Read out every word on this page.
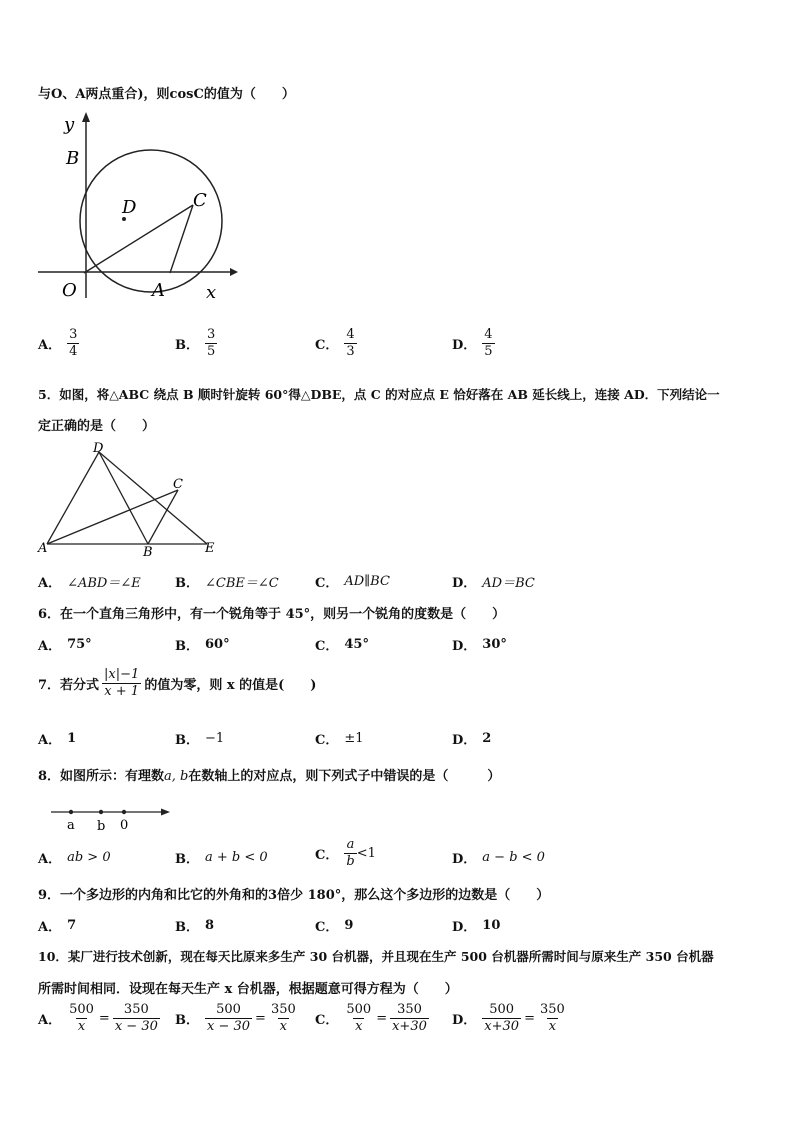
与O、A两点重合)，则cosC的值为（　　）
y
B
D	C
O	A x
A． $\frac{3}{4}$	B． $\frac{3}{5}$	C． $\frac{4}{3}$	D． $\frac{4}{5}$
5．如图，将△ABC 绕点 B 顺时针旋转 60°得△DBE，点 C 的对应点 E 恰好落在 AB 延长线上，连接 AD．下列结论一
定正确的是（　　）
D
C
A	B	E
A． ∠ABD＝∠E	B． ∠CBE＝∠C	C． AD∥BC	D． AD＝BC
6．在一个直角三角形中，有一个锐角等于 45°，则另一个锐角的度数是（　　）
A． 75°	B． 60°	C． 45°	D． 30°
7．若分式 $\frac{|x|-1}{x + 1}$ 的值为零，则 x 的值是(　　)
A． 1	B． −1	C． ±1	D． 2
8．如图所示：有理数a, b在数轴上的对应点，则下列式子中错误的是（　　　）
a b 0
A． ab > 0	B． a + b < 0	C． $\frac{a}{b} <1$	D． a − b < 0
9．一个多边形的内角和比它的外角和的3倍少 180°，那么这个多边形的边数是（　　）
A． 7	B． 8	C． 9	D． 10
10．某厂进行技术创新，现在每天比原来多生产 30 台机器，并且现在生产 500 台机器所需时间与原来生产 350 台机器
所需时间相同．设现在每天生产 x 台机器，根据题意可得方程为（　　）
A． $\frac{500}{x} = \frac{350}{x - 30}$ B． $\frac{500}{x - 30} = \frac{350}{x}$ C． $\frac{500}{x} = \frac{350}{x+30}$ D． $\frac{500}{x+30} = \frac{350}{x}$
